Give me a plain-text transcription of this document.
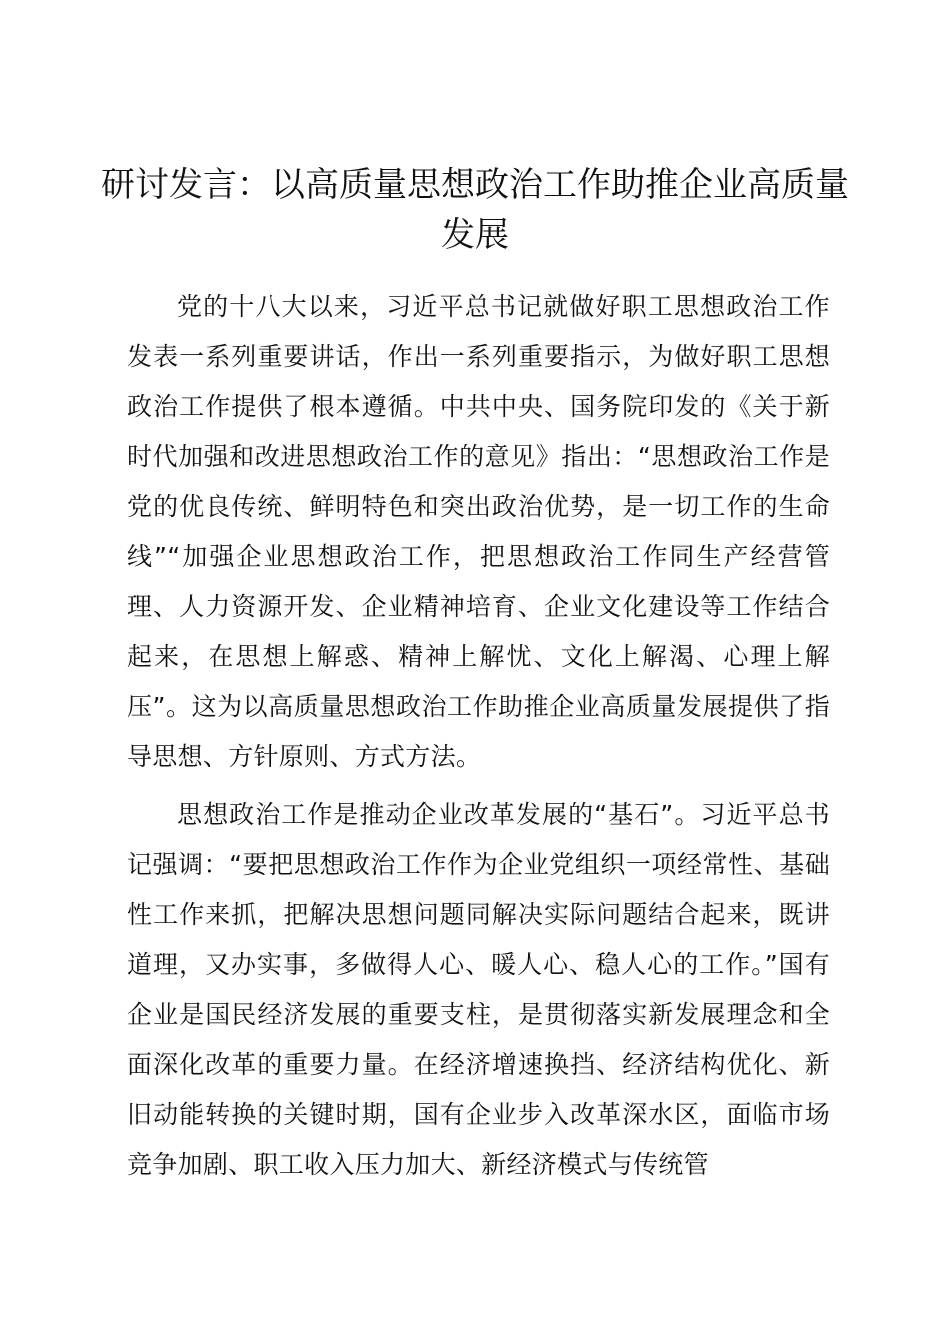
研讨发言：以高质量思想政治工作助推企业高质量发展

党的十八大以来，习近平总书记就做好职工思想政治工作发表一系列重要讲话，作出一系列重要指示，为做好职工思想政治工作提供了根本遵循。中共中央、国务院印发的《关于新时代加强和改进思想政治工作的意见》指出：“思想政治工作是党的优良传统、鲜明特色和突出政治优势，是一切工作的生命线”“加强企业思想政治工作，把思想政治工作同生产经营管理、人力资源开发、企业精神培育、企业文化建设等工作结合起来，在思想上解惑、精神上解忧、文化上解渴、心理上解压”。这为以高质量思想政治工作助推企业高质量发展提供了指导思想、方针原则、方式方法。

思想政治工作是推动企业改革发展的“基石”。习近平总书记强调：“要把思想政治工作作为企业党组织一项经常性、基础性工作来抓，把解决思想问题同解决实际问题结合起来，既讲道理，又办实事，多做得人心、暖人心、稳人心的工作。”国有企业是国民经济发展的重要支柱，是贯彻落实新发展理念和全面深化改革的重要力量。在经济增速换挡、经济结构优化、新旧动能转换的关键时期，国有企业步入改革深水区，面临市场竞争加剧、职工收入压力加大、新经济模式与传统管
